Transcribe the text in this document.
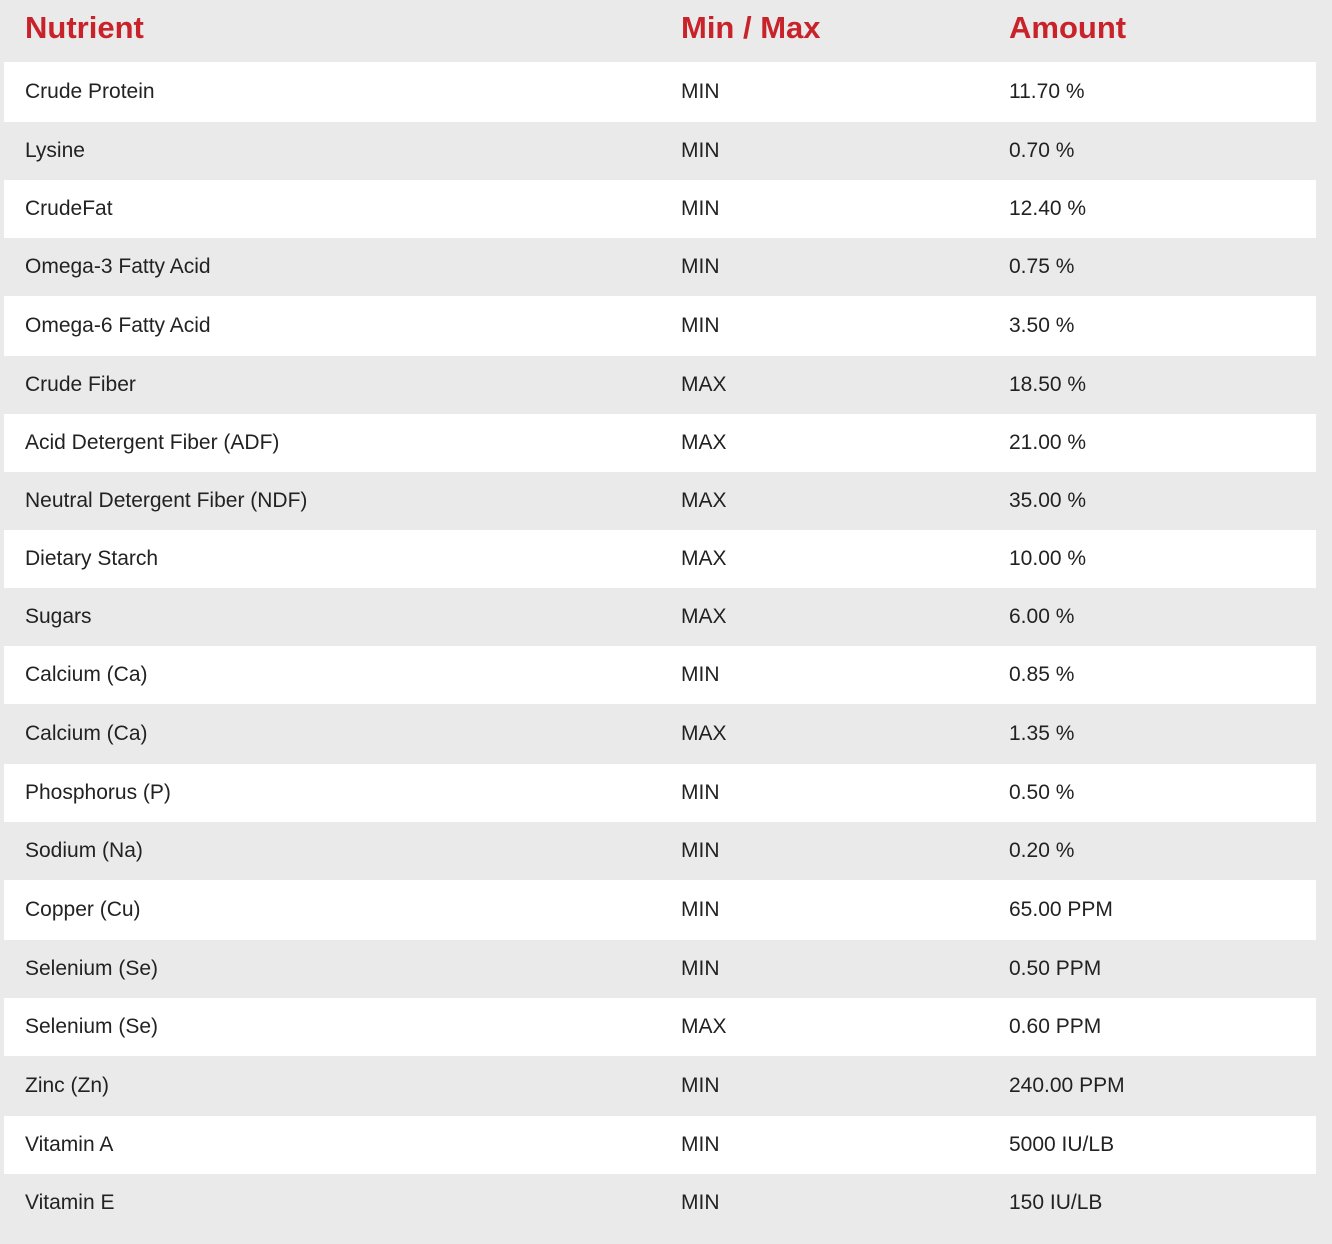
Nutrient	Min / Max	Amount
Crude Protein	MIN	11.70 %
Lysine	MIN	0.70 %
CrudeFat	MIN	12.40 %
Omega-3 Fatty Acid	MIN	0.75 %
Omega-6 Fatty Acid	MIN	3.50 %
Crude Fiber	MAX	18.50 %
Acid Detergent Fiber (ADF)	MAX	21.00 %
Neutral Detergent Fiber (NDF)	MAX	35.00 %
Dietary Starch	MAX	10.00 %
Sugars	MAX	6.00 %
Calcium (Ca)	MIN	0.85 %
Calcium (Ca)	MAX	1.35 %
Phosphorus (P)	MIN	0.50 %
Sodium (Na)	MIN	0.20 %
Copper (Cu)	MIN	65.00 PPM
Selenium (Se)	MIN	0.50 PPM
Selenium (Se)	MAX	0.60 PPM
Zinc (Zn)	MIN	240.00 PPM
Vitamin A	MIN	5000 IU/LB
Vitamin E	MIN	150 IU/LB
